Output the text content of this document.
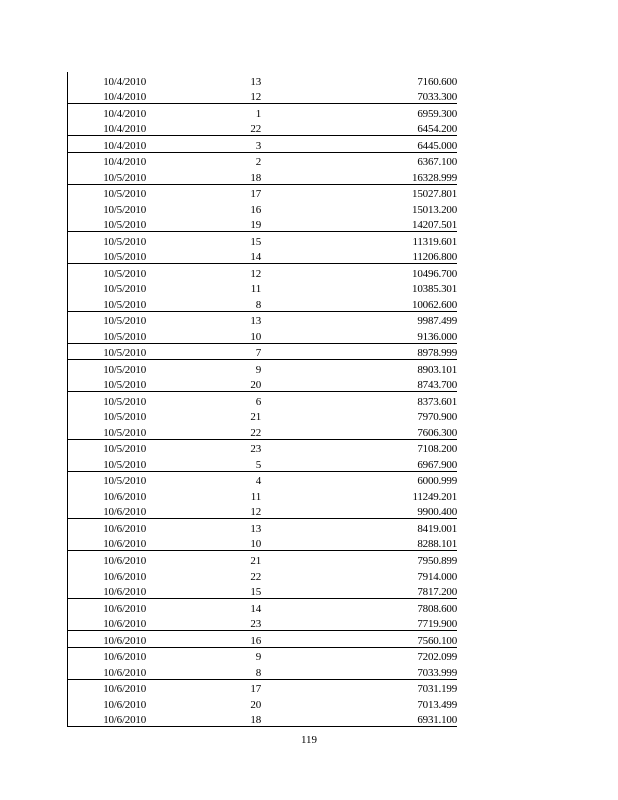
10/4/2010	13	7160.600
10/4/2010	12	7033.300
10/4/2010	1	6959.300
10/4/2010	22	6454.200
10/4/2010	3	6445.000
10/4/2010	2	6367.100
10/5/2010	18	16328.999
10/5/2010	17	15027.801
10/5/2010	16	15013.200
10/5/2010	19	14207.501
10/5/2010	15	11319.601
10/5/2010	14	11206.800
10/5/2010	12	10496.700
10/5/2010	11	10385.301
10/5/2010	8	10062.600
10/5/2010	13	9987.499
10/5/2010	10	9136.000
10/5/2010	7	8978.999
10/5/2010	9	8903.101
10/5/2010	20	8743.700
10/5/2010	6	8373.601
10/5/2010	21	7970.900
10/5/2010	22	7606.300
10/5/2010	23	7108.200
10/5/2010	5	6967.900
10/5/2010	4	6000.999
10/6/2010	11	11249.201
10/6/2010	12	9900.400
10/6/2010	13	8419.001
10/6/2010	10	8288.101
10/6/2010	21	7950.899
10/6/2010	22	7914.000
10/6/2010	15	7817.200
10/6/2010	14	7808.600
10/6/2010	23	7719.900
10/6/2010	16	7560.100
10/6/2010	9	7202.099
10/6/2010	8	7033.999
10/6/2010	17	7031.199
10/6/2010	20	7013.499
10/6/2010	18	6931.100
119
